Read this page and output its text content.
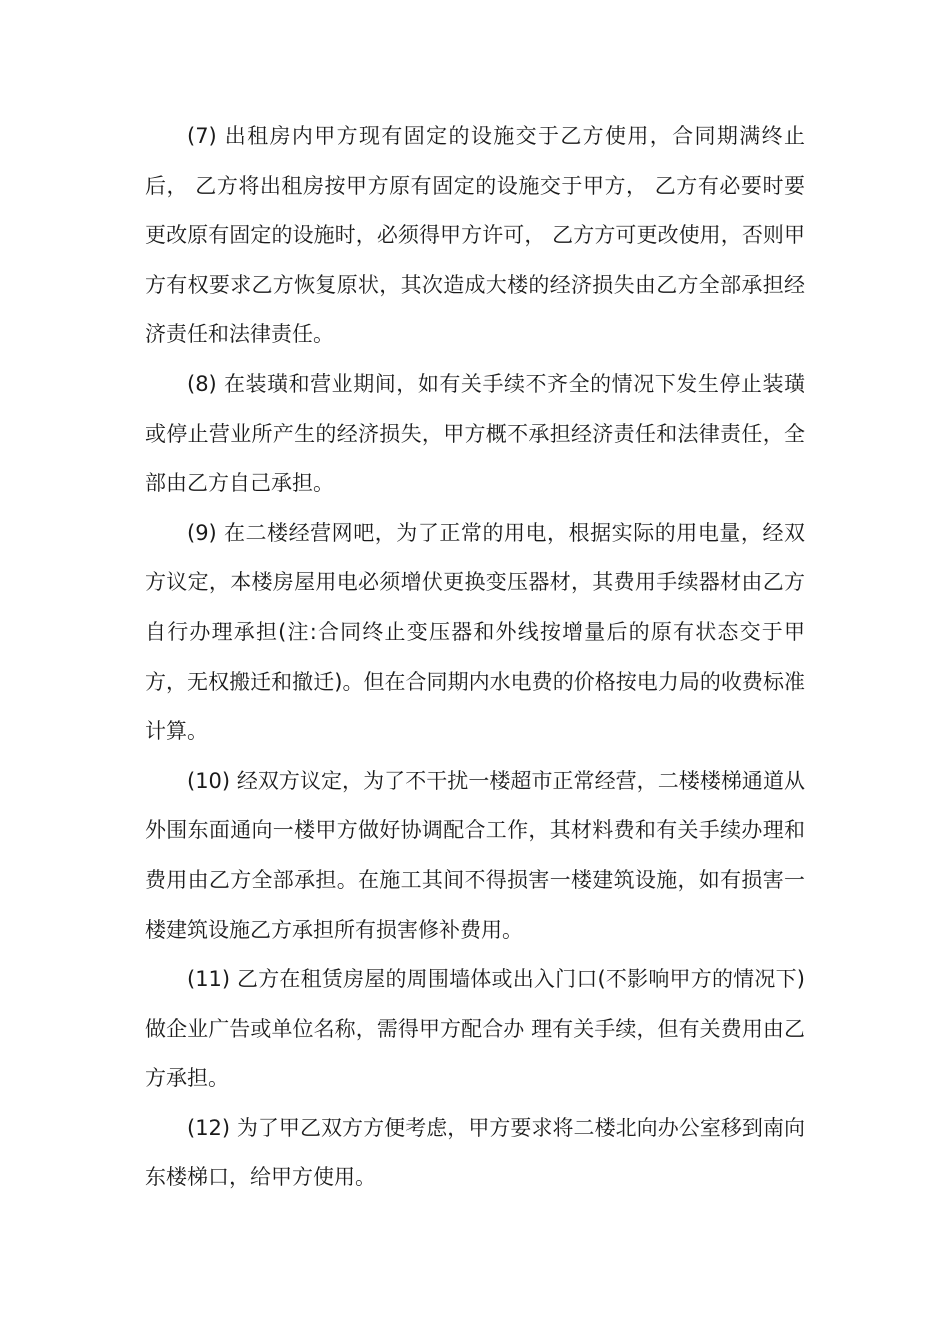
(7) 出租房内甲方现有固定的设施交于乙方使用，合同期满终止后， 乙方将出租房按甲方原有固定的设施交于甲方， 乙方有必要时要更改原有固定的设施时，必须得甲方许可， 乙方方可更改使用，否则甲方有权要求乙方恢复原状，其次造成大楼的经济损失由乙方全部承担经济责任和法律责任。

(8) 在装璜和营业期间，如有关手续不齐全的情况下发生停止装璜或停止营业所产生的经济损失，甲方概不承担经济责任和法律责任，全部由乙方自己承担。

(9) 在二楼经营网吧，为了正常的用电，根据实际的用电量，经双方议定，本楼房屋用电必须增伏更换变压器材，其费用手续器材由乙方自行办理承担(注:合同终止变压器和外线按增量后的原有状态交于甲方，无权搬迁和撤迁)。但在合同期内水电费的价格按电力局的收费标准计算。

(10) 经双方议定，为了不干扰一楼超市正常经营，二楼楼梯通道从外围东面通向一楼甲方做好协调配合工作，其材料费和有关手续办理和费用由乙方全部承担。在施工其间不得损害一楼建筑设施，如有损害一楼建筑设施乙方承担所有损害修补费用。

(11) 乙方在租赁房屋的周围墙体或出入门口(不影响甲方的情况下)做企业广告或单位名称，需得甲方配合办 理有关手续，但有关费用由乙方承担。

(12) 为了甲乙双方方便考虑，甲方要求将二楼北向办公室移到南向东楼梯口，给甲方使用。
